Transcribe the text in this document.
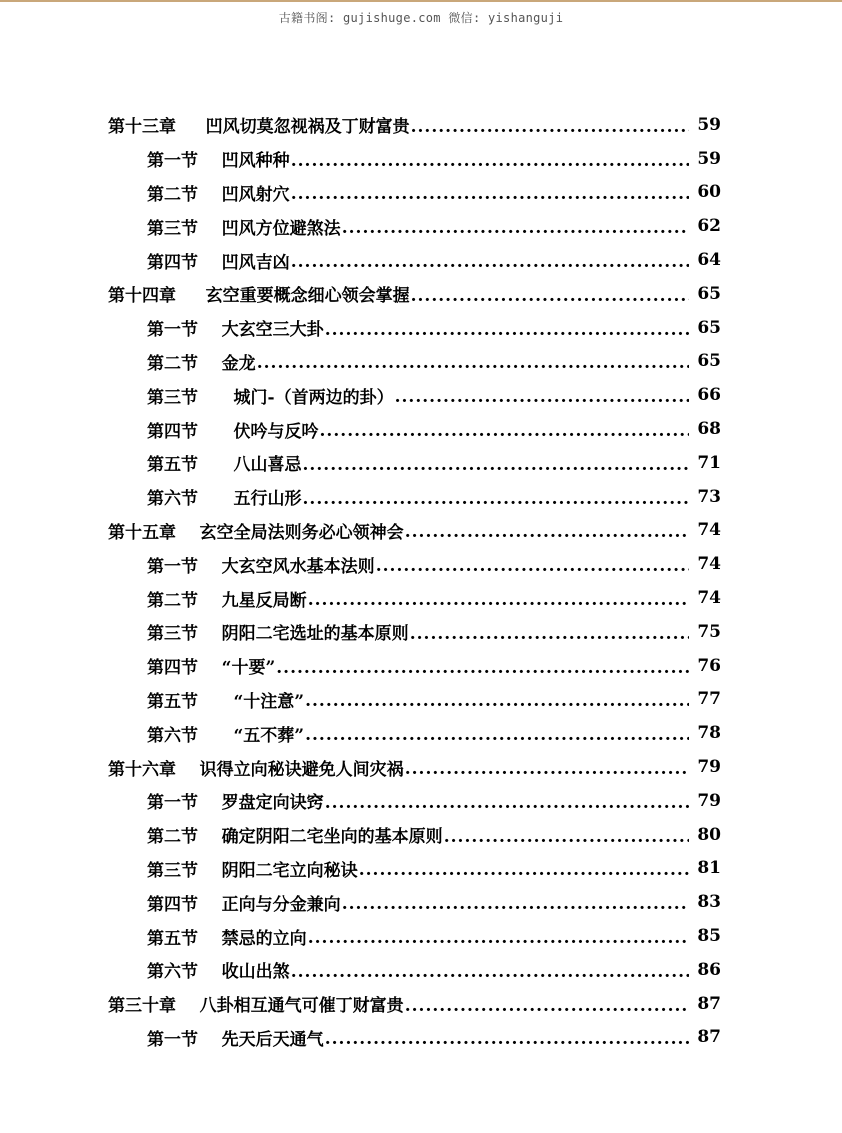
古籍书阁: gujishuge.com 微信: yishanguji
第十三章     凹风切莫忽视祸及丁财富贵 .....	59
第一节    凹风种种 .....	59
第二节    凹风射穴 .....	60
第三节    凹风方位避煞法 .....	62
第四节    凹风吉凶 .....	64
第十四章     玄空重要概念细心领会掌握 .....	65
第一节    大玄空三大卦 .....	65
第二节    金龙 .....	65
第三节      城门-（首两边的卦） .....	66
第四节      伏吟与反吟 .....	68
第五节      八山喜忌 .....	71
第六节      五行山形 .....	73
第十五章    玄空全局法则务必心领神会 .....	74
第一节    大玄空风水基本法则 .....	74
第二节    九星反局断 .....	74
第三节    阴阳二宅选址的基本原则 .....	75
第四节    “十要” .....	76
第五节      “十注意” .....	77
第六节      “五不葬” .....	78
第十六章    识得立向秘诀避免人间灾祸 .....	79
第一节    罗盘定向诀窍 .....	79
第二节    确定阴阳二宅坐向的基本原则 .....	80
第三节    阴阳二宅立向秘诀 .....	81
第四节    正向与分金兼向 .....	83
第五节    禁忌的立向 .....	85
第六节    收山出煞 .....	86
第三十章    八卦相互通气可催丁财富贵 .....	87
第一节    先天后天通气 .....	87
